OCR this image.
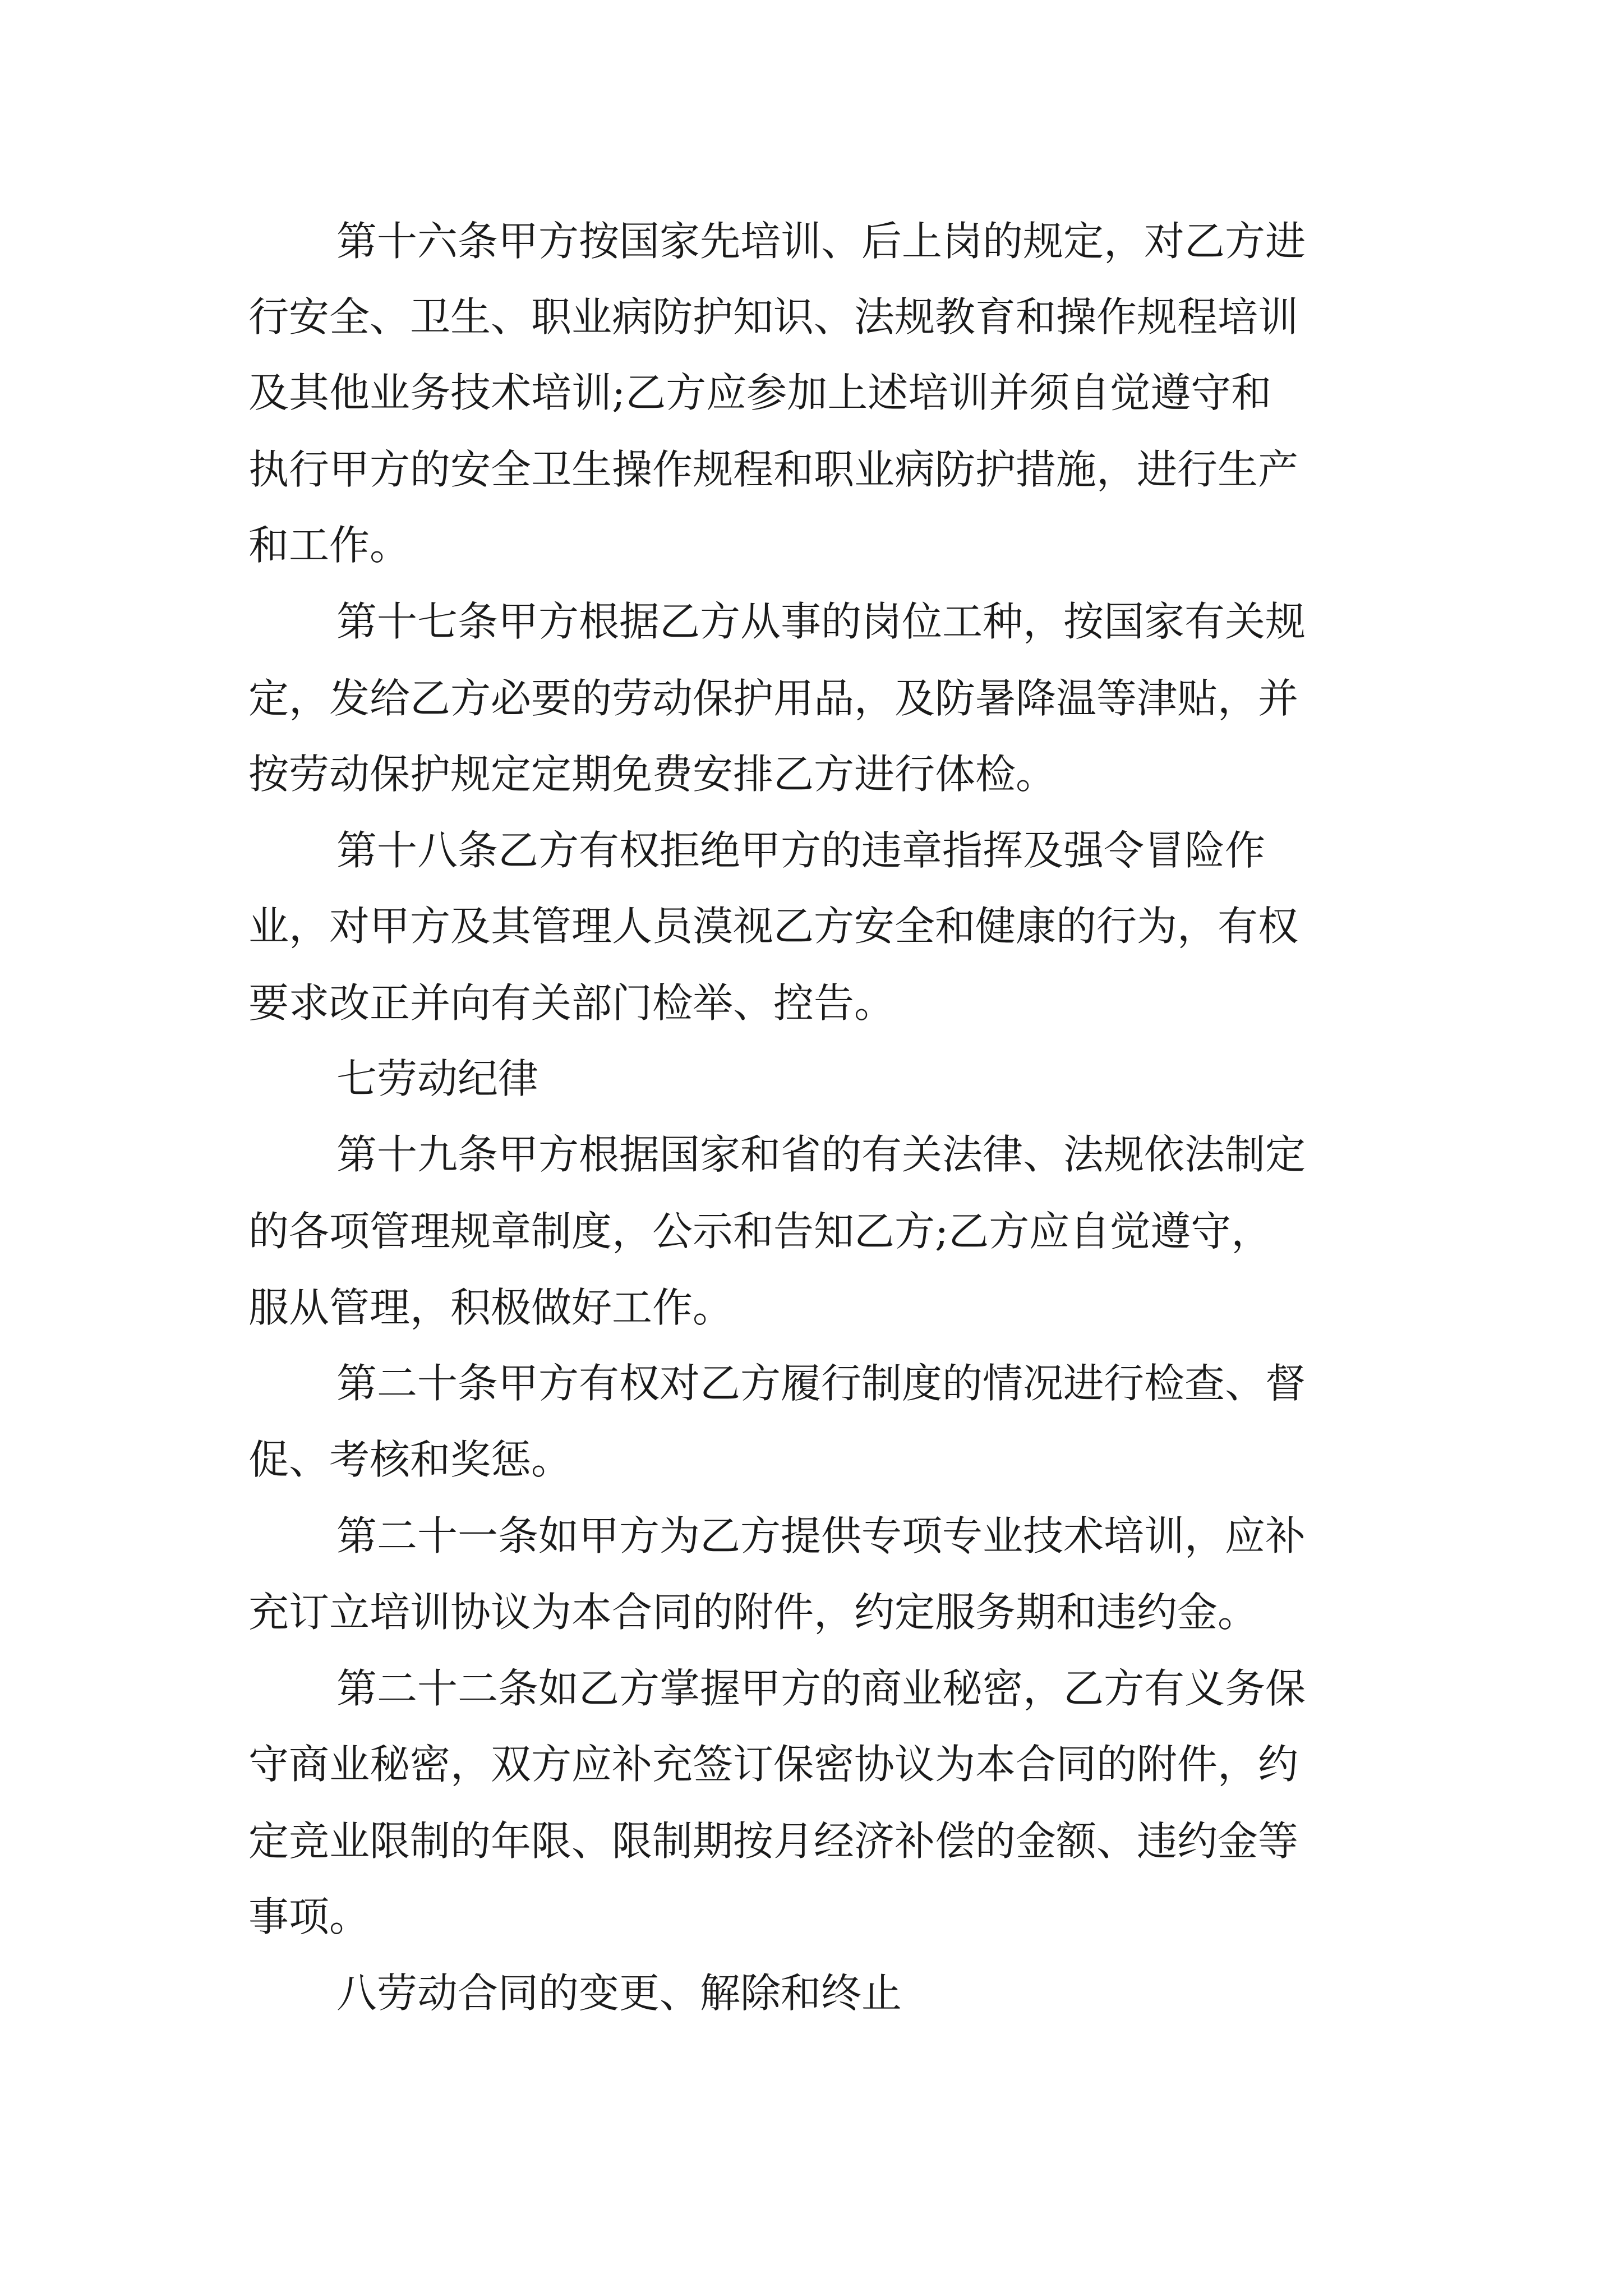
第十六条甲方按国家先培训、后上岗的规定，对乙方进

行安全、卫生、职业病防护知识、法规教育和操作规程培训

及其他业务技术培训;乙方应参加上述培训并须自觉遵守和

执行甲方的安全卫生操作规程和职业病防护措施，进行生产

和工作。

第十七条甲方根据乙方从事的岗位工种，按国家有关规

定，发给乙方必要的劳动保护用品，及防暑降温等津贴，并

按劳动保护规定定期免费安排乙方进行体检。

第十八条乙方有权拒绝甲方的违章指挥及强令冒险作

业，对甲方及其管理人员漠视乙方安全和健康的行为，有权

要求改正并向有关部门检举、控告。

七劳动纪律

第十九条甲方根据国家和省的有关法律、法规依法制定

的各项管理规章制度，公示和告知乙方;乙方应自觉遵守，

服从管理，积极做好工作。

第二十条甲方有权对乙方履行制度的情况进行检查、督

促、考核和奖惩。

第二十一条如甲方为乙方提供专项专业技术培训，应补

充订立培训协议为本合同的附件，约定服务期和违约金。

第二十二条如乙方掌握甲方的商业秘密，乙方有义务保

守商业秘密，双方应补充签订保密协议为本合同的附件，约

定竞业限制的年限、限制期按月经济补偿的金额、违约金等

事项。

八劳动合同的变更、解除和终止
